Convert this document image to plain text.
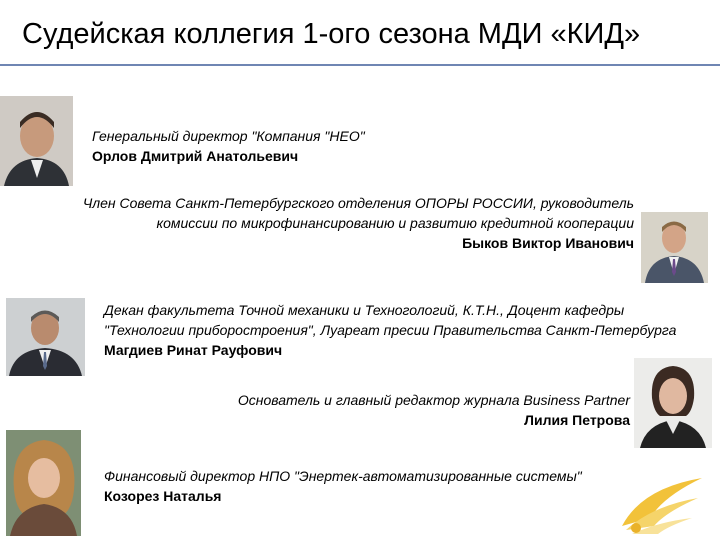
Судейская коллегия 1-ого сезона МДИ «КИД»
Генеральный директор "Компания "НЕО"
Орлов Дмитрий Анатольевич
Член Совета Санкт-Петербургского отделения ОПОРЫ РОССИИ, руководитель комиссии по микрофинансированию и развитию кредитной кооперации
Быков Виктор Иванович
Декан факультета Точной механики и Техногологий, К.Т.Н., Доцент кафедры "Технологии приборостроения", Луареат пресии Правительства Санкт-Петербурга
Магдиев Ринат Рауфович
Основатель и главный редактор журнала Business Partner
Лилия Петрова
Финансовый директор НПО "Энертек-автоматизированные системы"
Козорез Наталья
